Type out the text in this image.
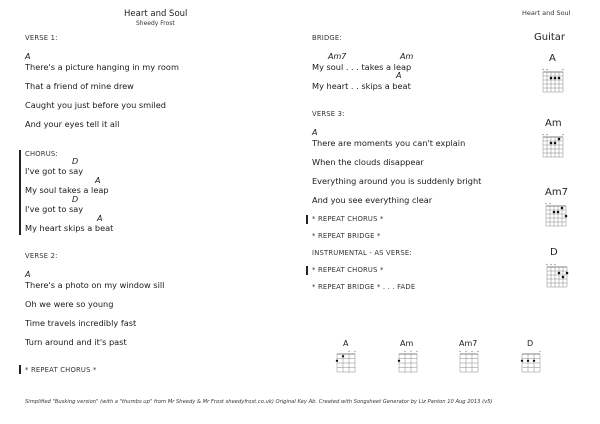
Heart and Soul
Sheedy Frost
Heart and Soul
VERSE 1:
A
There's a picture hanging in my room
That a friend of mine drew
Caught you just before you smiled
And your eyes tell it all
CHORUS:
D
I've got to say
A
My soul takes a leap
D
I've got to say
A
My heart skips a beat
VERSE 2:
A
There's a photo on my window sill
Oh we were so young
Time travels incredibly fast
Turn around and it's past
* REPEAT CHORUS *
BRIDGE:
Am7	Am
My soul . . . takes a leap
A
My heart . . skips a beat
VERSE 3:
A
There are moments you can't explain
When the clouds disappear
Everything around you is suddenly bright
And you see everything clear
* REPEAT CHORUS *
* REPEAT BRIDGE *
INSTRUMENTAL - AS VERSE:
* REPEAT CHORUS *
* REPEAT BRIDGE * . . . FADE
Guitar
A
Am
Am7
D
A	Am	Am7	D
Simplified "Busking version" (with a "thumbs up" from Mr Sheedy & Mr Frost sheedyfrost.co.uk) Original Key Ab. Created with Songsheet Generator by Liz Panton 10 Aug 2013 (v5)
